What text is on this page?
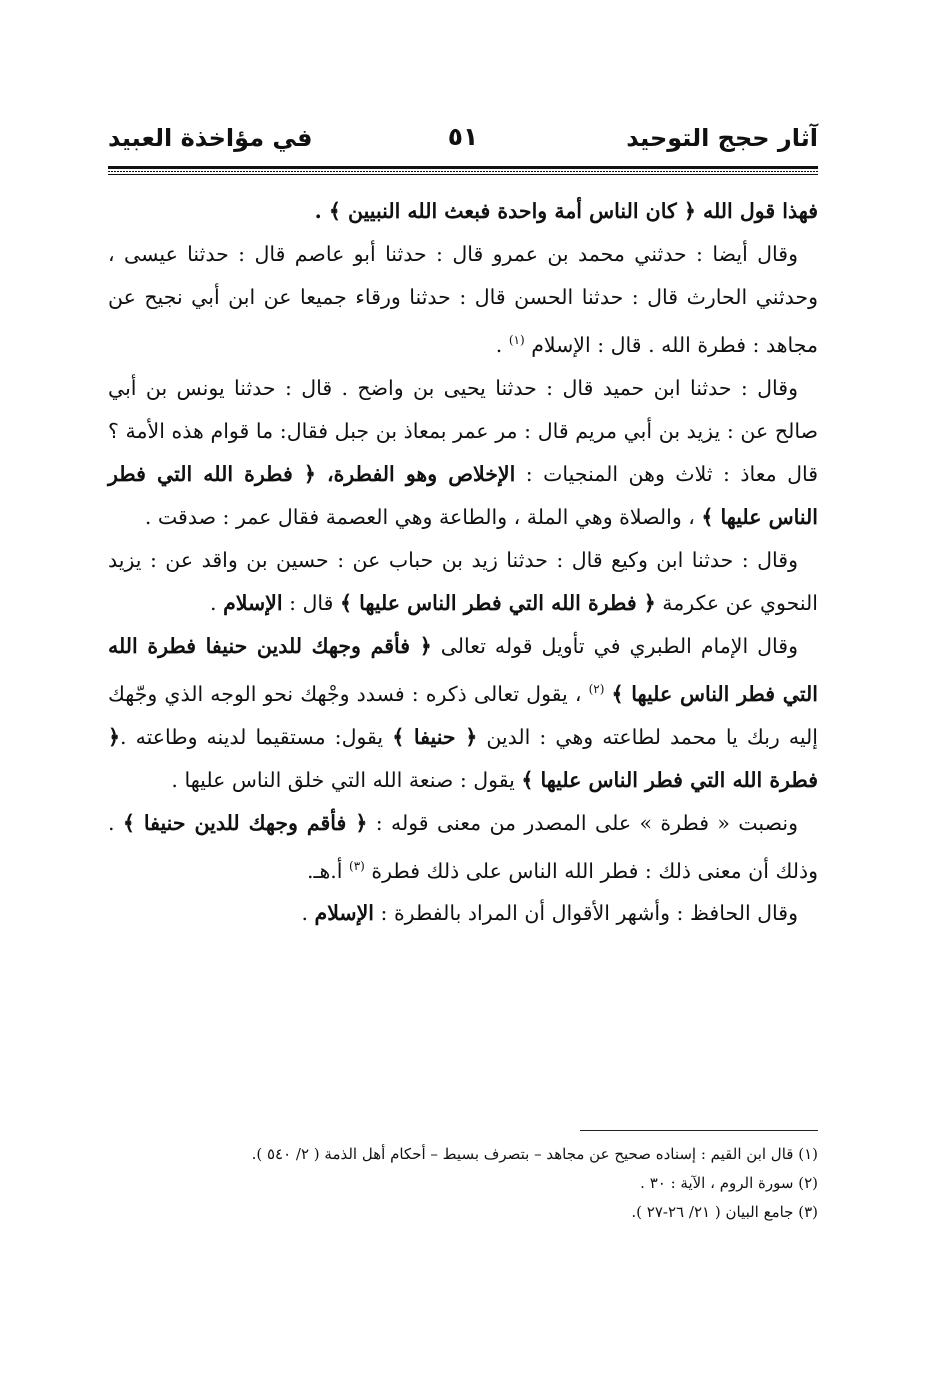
آثار حجج التوحيد
٥١
في مؤاخذة العبيد

فهذا قول الله ﴿ كان الناس أمة واحدة فبعث الله النبيين ﴾ .

وقال أيضا : حدثني محمد بن عمرو قال : حدثنا أبو عاصم قال : حدثنا عيسى ، وحدثني الحارث قال : حدثنا الحسن قال : حدثنا ورقاء جميعا عن ابن أبي نجيح عن مجاهد : فطرة الله . قال : الإسلام $^{(١)}$ .

وقال : حدثنا ابن حميد قال : حدثنا يحيى بن واضح . قال : حدثنا يونس بن أبي صالح عن : يزيد بن أبي مريم قال : مر عمر بمعاذ بن جبل فقال: ما قوام هذه الأمة ؟ قال معاذ : ثلاث وهن المنجيات : الإخلاص وهو الفطرة، ﴿ فطرة الله التي فطر الناس عليها ﴾ ، والصلاة وهي الملة ، والطاعة وهي العصمة فقال عمر : صدقت .

وقال : حدثنا ابن وكيع قال : حدثنا زيد بن حباب عن : حسين بن واقد عن : يزيد النحوي عن عكرمة ﴿ فطرة الله التي فطر الناس عليها ﴾ قال : الإسلام .

وقال الإمام الطبري في تأويل قوله تعالى ﴿ فأقم وجهك للدين حنيفا فطرة الله التي فطر الناس عليها ﴾ $^{(٢)}$ ، يقول تعالى ذكره : فسدد وجْهك نحو الوجه الذي وجّهك إليه ربك يا محمد لطاعته وهي : الدين ﴿ حنيفا ﴾ يقول: مستقيما لدينه وطاعته .﴿ فطرة الله التي فطر الناس عليها ﴾ يقول : صنعة الله التي خلق الناس عليها .

ونصبت « فطرة » على المصدر من معنى قوله : ﴿ فأقم وجهك للدين حنيفا ﴾ . وذلك أن معنى ذلك : فطر الله الناس على ذلك فطرة $^{(٣)}$ أ.هـ.

وقال الحافظ : وأشهر الأقوال أن المراد بالفطرة : الإسلام .

(١) قال ابن القيم : إسناده صحيح عن مجاهد – بتصرف بسيط – أحكام أهل الذمة ( ٢/ ٥٤٠ ).
(٢) سورة الروم ، الآية : ٣٠ .
(٣) جامع البيان ( ٢١/ ٢٦-٢٧ ).
